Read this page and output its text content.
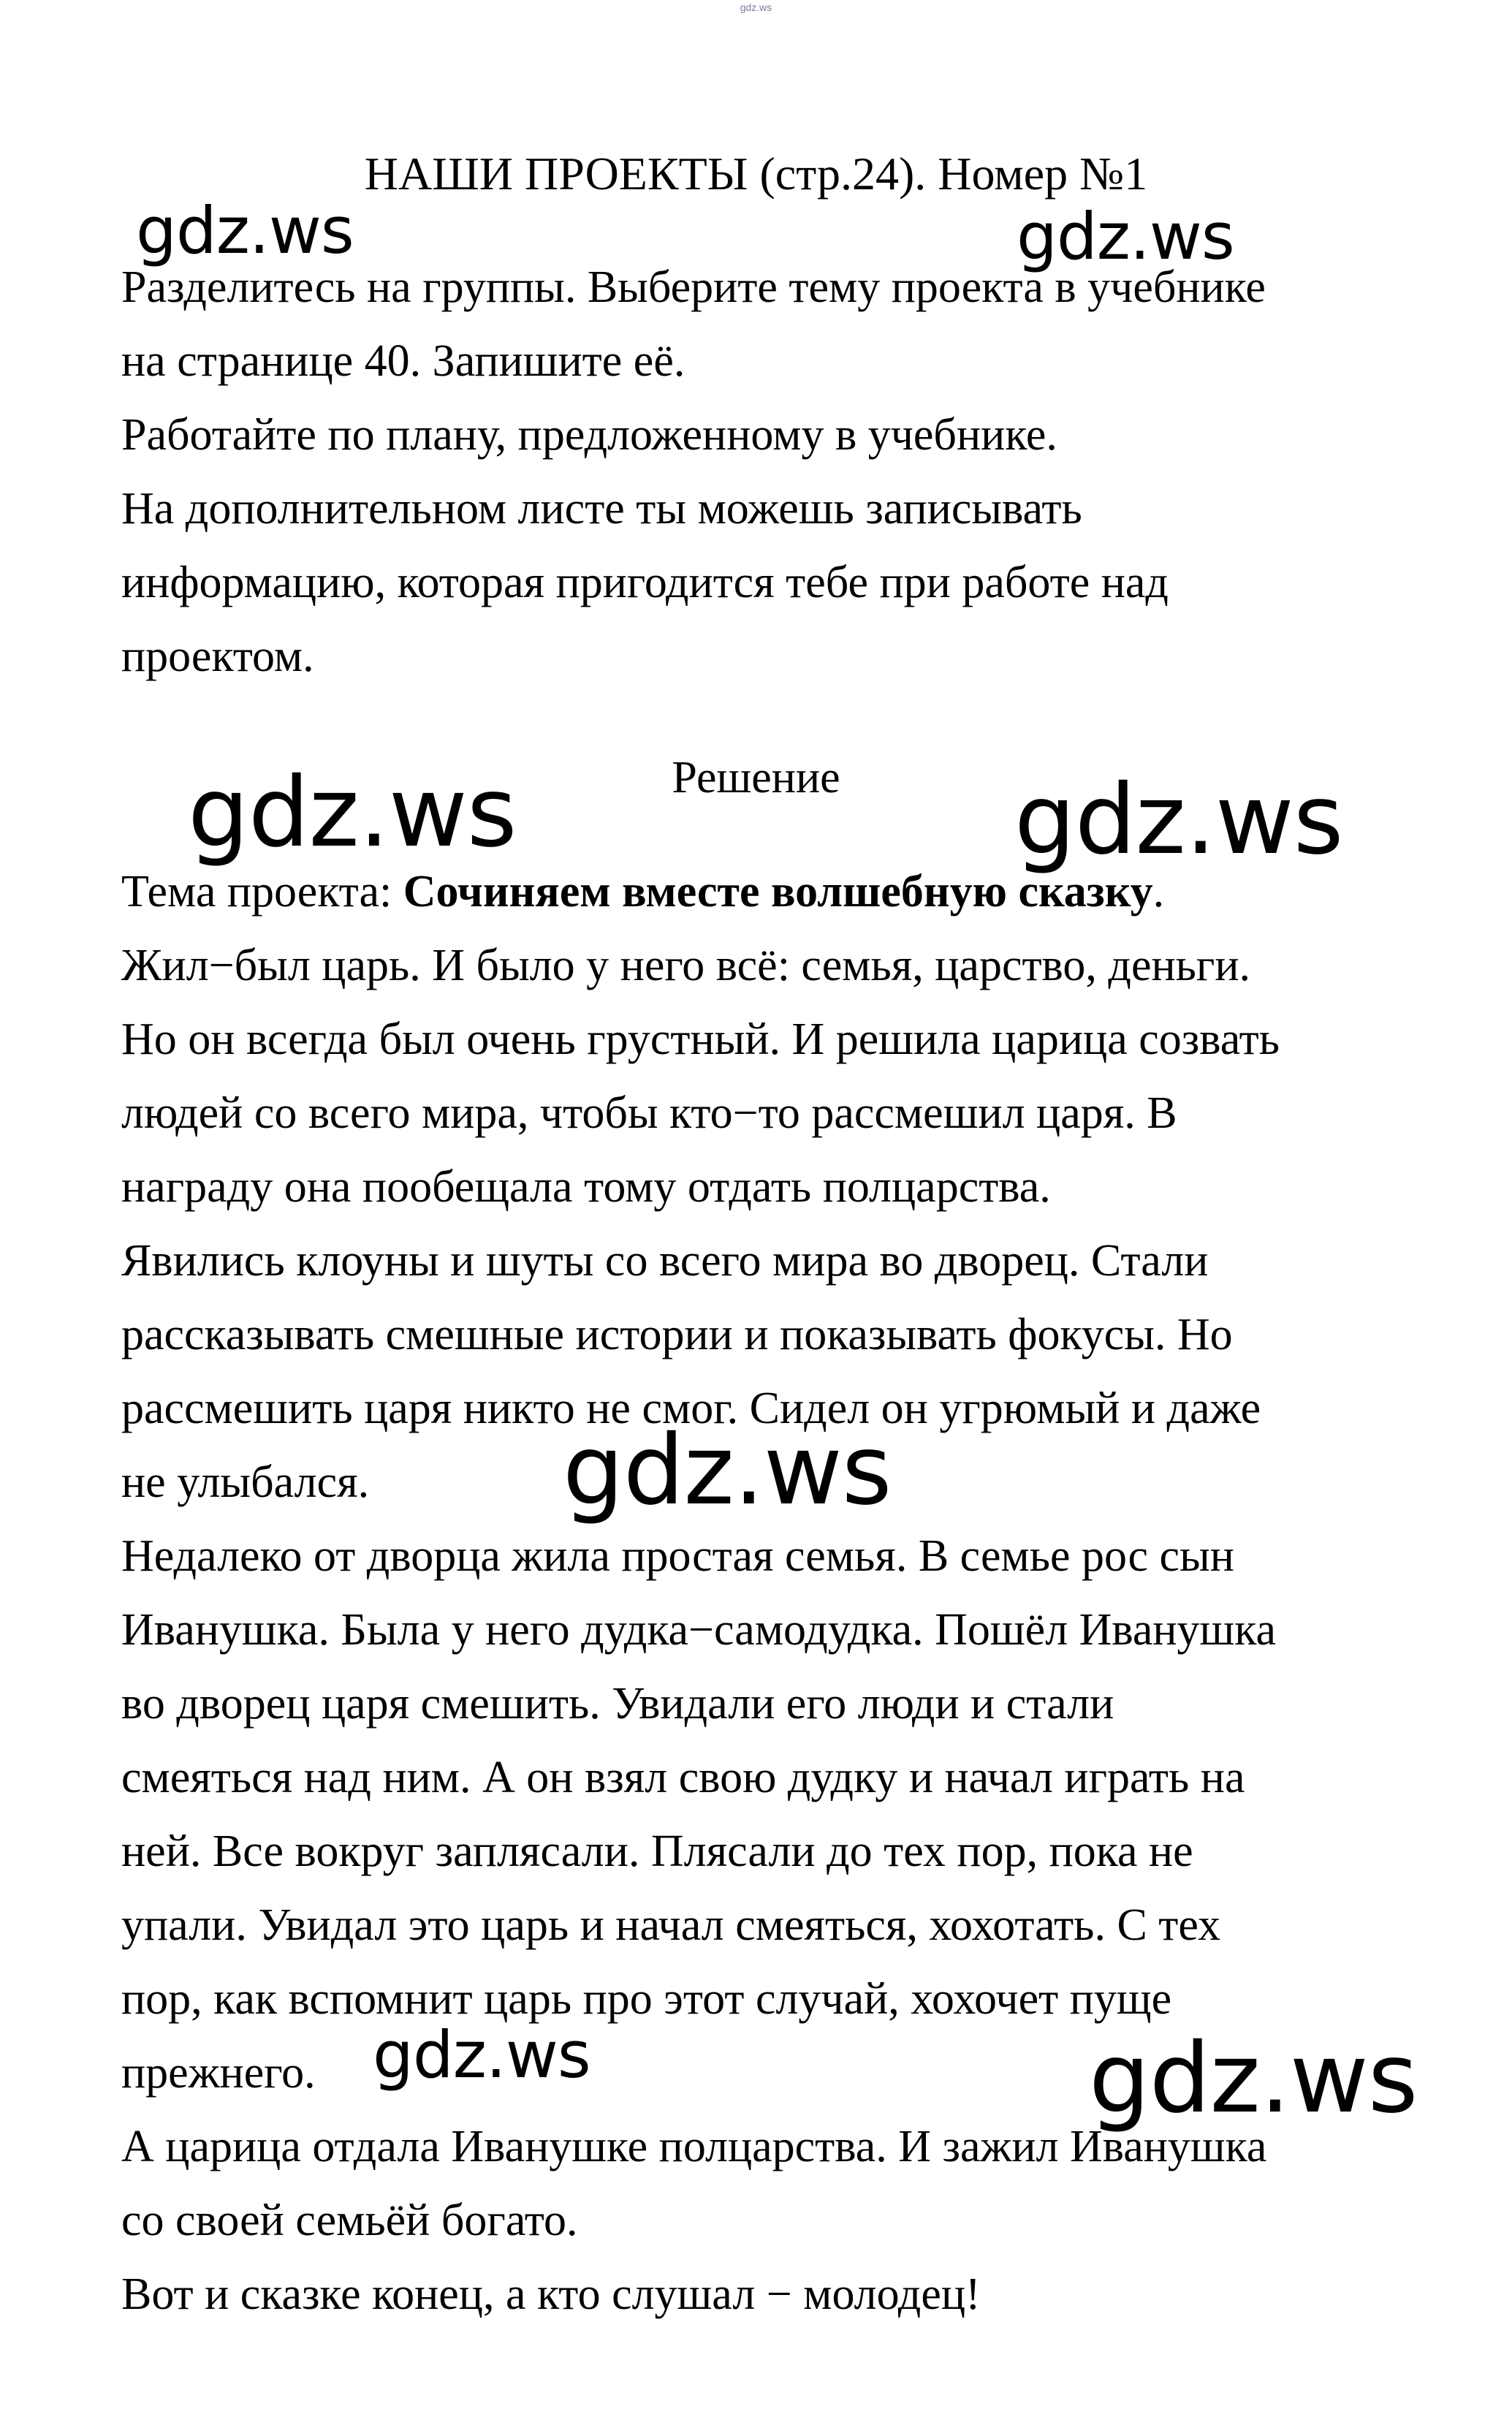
gdz.ws
НАШИ ПРОЕКТЫ (стр.24). Номер №1

Разделитесь на группы. Выберите тему проекта в учебнике

на странице 40. Запишите её.

Работайте по плану, предложенному в учебнике.

На дополнительном листе ты можешь записывать

информацию, которая пригодится тебе при работе над

проектом.

Решение

Тема проекта: Сочиняем вместе волшебную сказку.

Жил−был царь. И было у него всё: семья, царство, деньги.

Но он всегда был очень грустный. И решила царица созвать

людей со всего мира, чтобы кто−то рассмешил царя. В

награду она пообещала тому отдать полцарства.

Явились клоуны и шуты со всего мира во дворец. Стали

рассказывать смешные истории и показывать фокусы. Но

рассмешить царя никто не смог. Сидел он угрюмый и даже

не улыбался.

Недалеко от дворца жила простая семья. В семье рос сын

Иванушка. Была у него дудка−самодудка. Пошёл Иванушка

во дворец царя смешить. Увидали его люди и стали

смеяться над ним. А он взял свою дудку и начал играть на

ней. Все вокруг заплясали. Плясали до тех пор, пока не

упали. Увидал это царь и начал смеяться, хохотать. С тех

пор, как вспомнит царь про этот случай, хохочет пуще

прежнего.

А царица отдала Иванушке полцарства. И зажил Иванушка

со своей семьёй богато.

Вот и сказке конец, а кто слушал − молодец!

gdz.ws	gdz.ws
gdz.ws	gdz.ws
gdz.ws
gdz.ws	gdz.ws
